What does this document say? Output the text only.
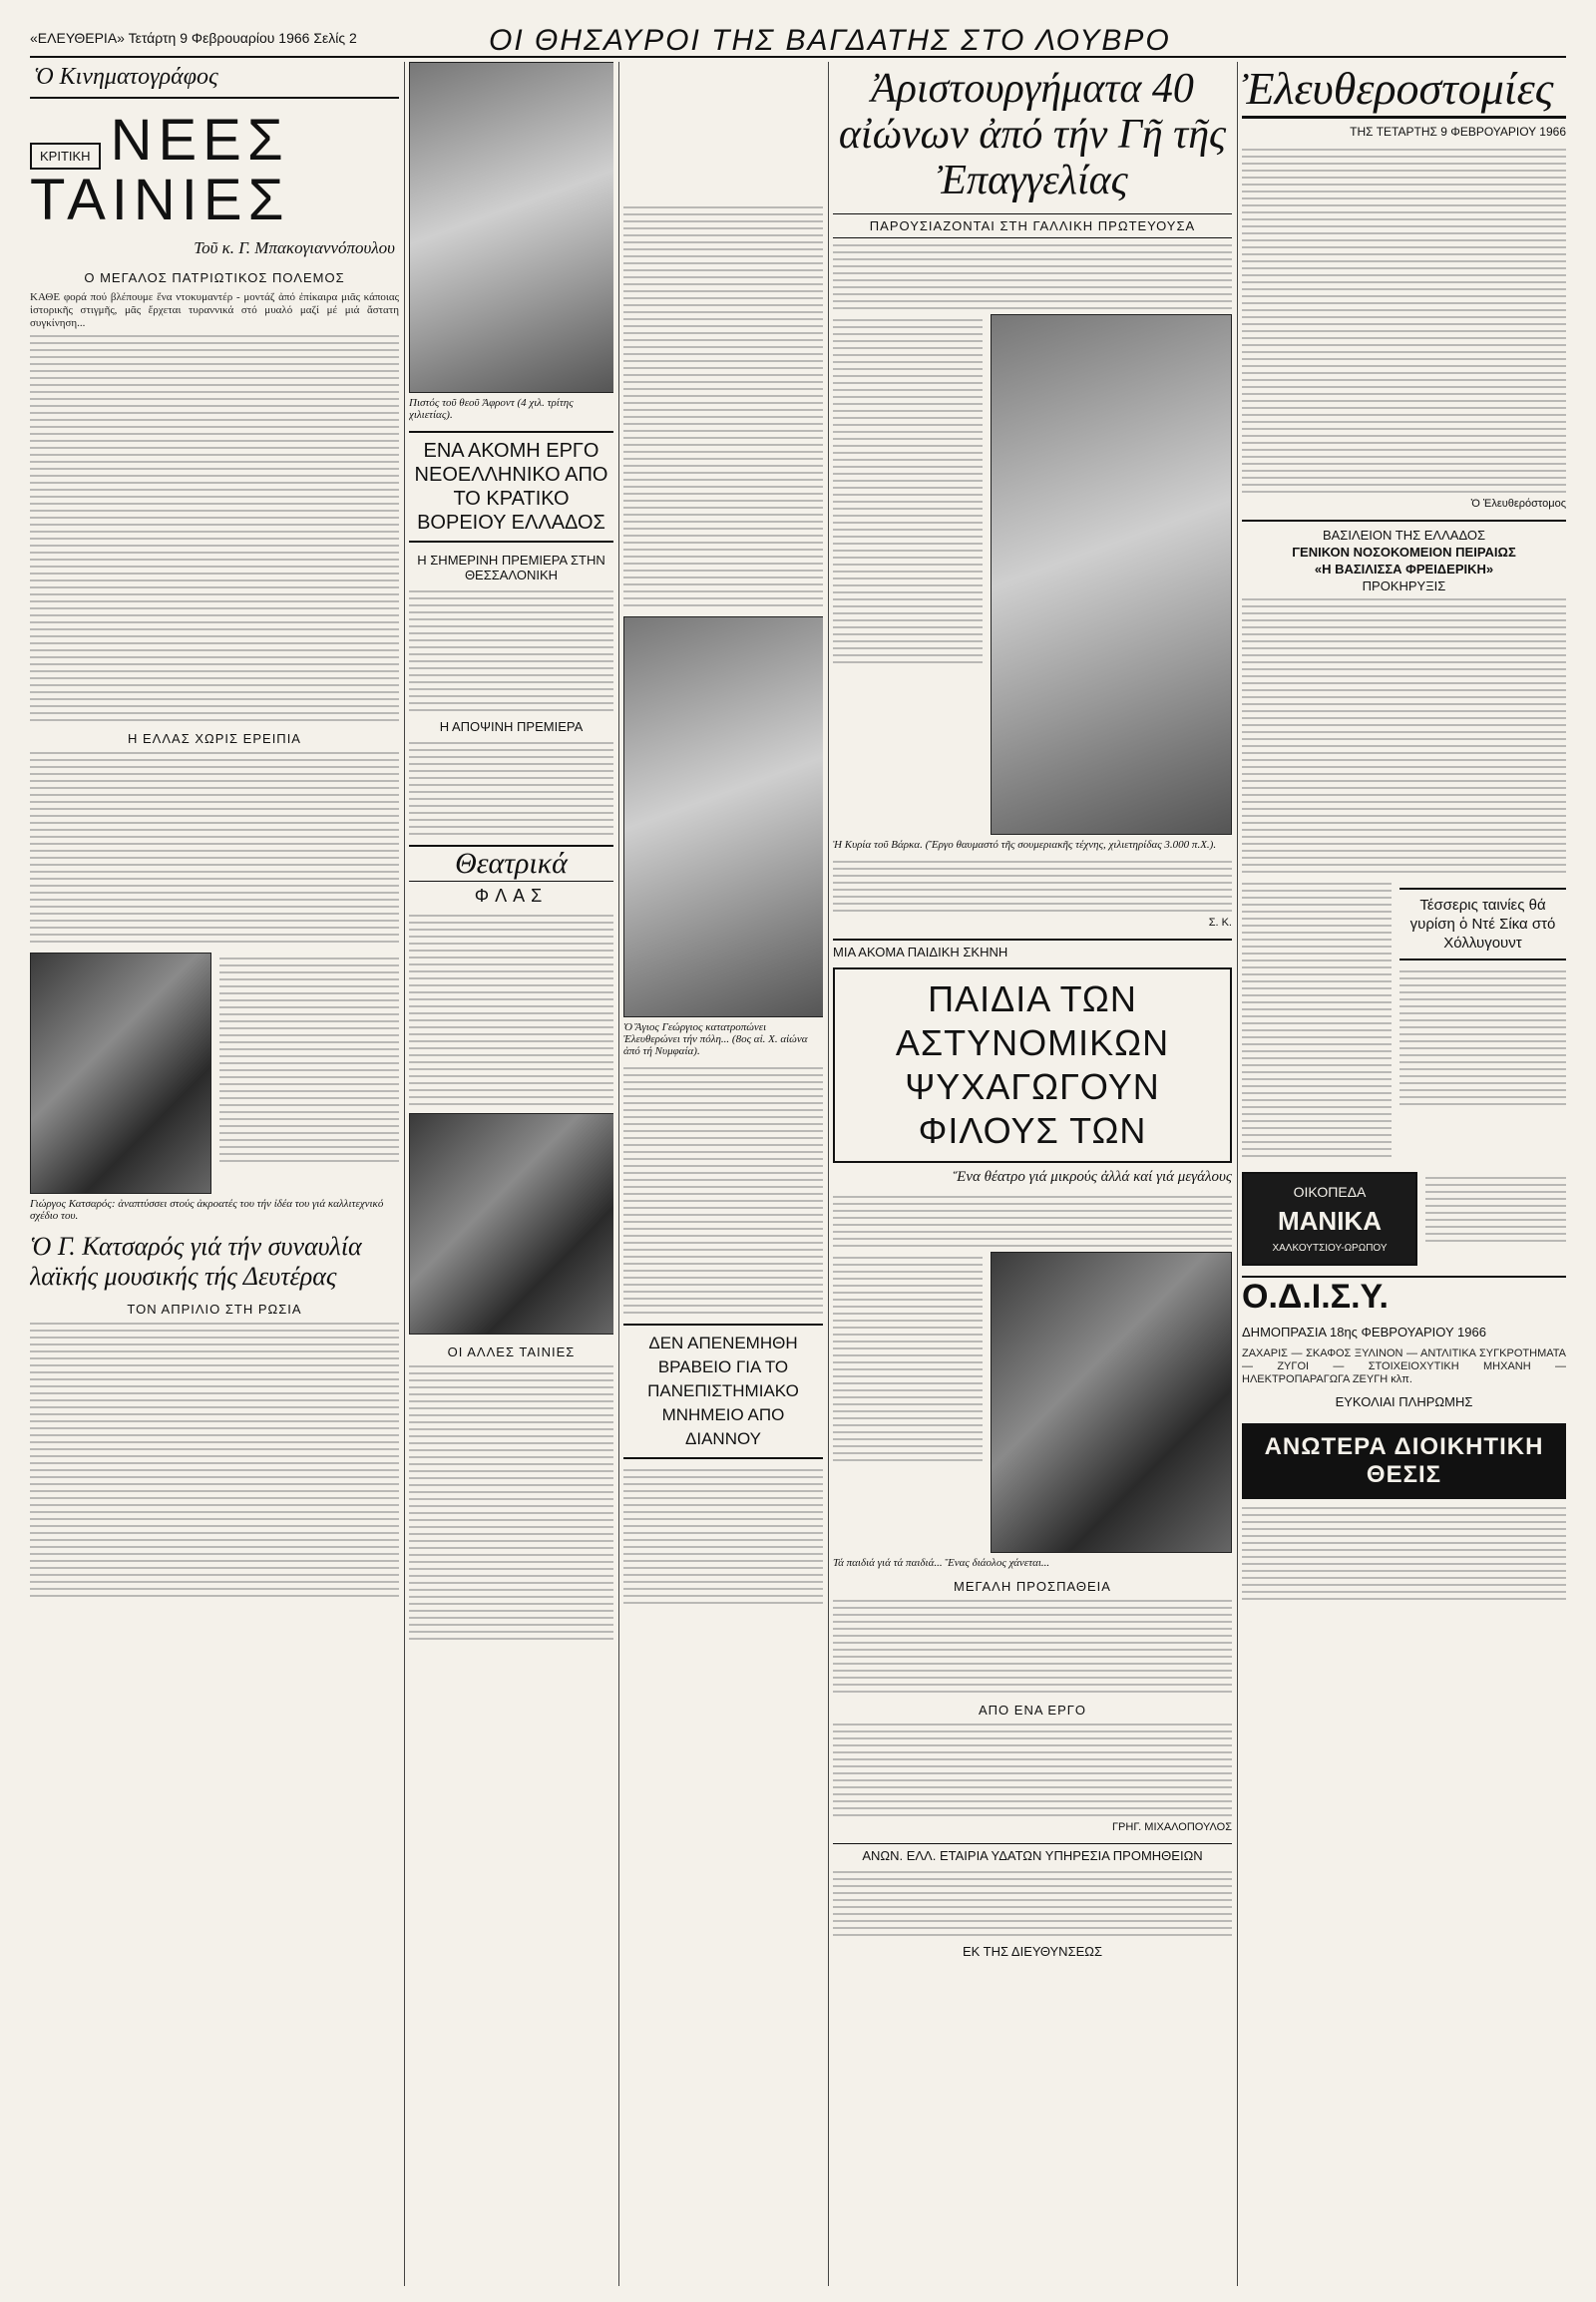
«ΕΛΕΥΘΕΡΙΑ» Τετάρτη 9 Φεβρουαρίου 1966 Σελίς 2	ΟΙ ΘΗΣΑΥΡΟΙ ΤΗΣ ΒΑΓΔΑΤΗΣ ΣΤΟ ΛΟΥΒΡΟ
Ὁ Κινηματογράφος
ΚΡΙΤΙΚΗ ΝΕΕΣ
ΤΑΙΝΙΕΣ
Τοῦ κ. Γ. Μπακογιαννόπουλου
Ο ΜΕΓΑΛΟΣ ΠΑΤΡΙΩΤΙΚΟΣ ΠΟΛΕΜΟΣ
ΚΑΘΕ φορά πού βλέπουμε ἕνα ντοκυμαντέρ - μοντάζ ἀπό ἐπίκαιρα μιᾶς κάποιας ἱστορικῆς στιγμῆς, μᾶς ἔρχεται τυραννικά στό μυαλό μαζί μέ μιά ἄστατη συγκίνηση...
Η ΕΛΛΑΣ ΧΩΡΙΣ ΕΡΕΙΠΙΑ
Γιώργος Κατσαρός: ἀναπτύσσει στούς ἀκροατές του τήν ἰδέα του γιά καλλιτεχνικό σχέδιο του.
Ὁ Γ. Κατσαρός γιά τήν συναυλία λαϊκής μουσικής τής Δευτέρας
ΤΟΝ ΑΠΡΙΛΙΟ ΣΤΗ ΡΩΣΙΑ
Πιστός τοῦ θεοῦ Ἀφροντ (4 χιλ. τρίτης χιλιετίας).
ΕΝΑ ΑΚΟΜΗ ΕΡΓΟ ΝΕΟΕΛΛΗΝΙΚΟ ΑΠΟ ΤΟ ΚΡΑΤΙΚΟ ΒΟΡΕΙΟΥ ΕΛΛΑΔΟΣ
Η ΣΗΜΕΡΙΝΗ ΠΡΕΜΙΕΡΑ ΣΤΗΝ ΘΕΣΣΑΛΟΝΙΚΗ
Η ΑΠΟΨΙΝΗ ΠΡΕΜΙΕΡΑ
Θεατρικά
ΦΛΑΣ
ΟΙ ΑΛΛΕΣ ΤΑΙΝΙΕΣ
Ὁ Ἅγιος Γεώργιος κατατροπώνει Ἐλευθερώνει τήν πόλη... (8ος αἰ. Χ. αἰώνα ἀπό τή Νυμφαία).
ΔΕΝ ΑΠΕΝΕΜΗΘΗ ΒΡΑΒΕΙΟ ΓΙΑ ΤΟ ΠΑΝΕΠΙΣΤΗΜΙΑΚΟ ΜΝΗΜΕΙΟ ΑΠΟ ΔΙΑΝΝΟΥ
Ἀριστουργήματα 40 αἰώνων ἀπό τήν Γῆ τῆς Ἐπαγγελίας
ΠΑΡΟΥΣΙΑΖΟΝΤΑΙ ΣΤΗ ΓΑΛΛΙΚΗ ΠΡΩΤΕΥΟΥΣΑ
Ἡ Κυρία τοῦ Βάρκα. (Ἔργο θαυμαστό τῆς σουμεριακῆς τέχνης, χιλιετηρίδας 3.000 π.Χ.).
Σ. Κ.
ΜΙΑ ΑΚΟΜΑ ΠΑΙΔΙΚΗ ΣΚΗΝΗ
ΠΑΙΔΙΑ ΤΩΝ ΑΣΤΥΝΟΜΙΚΩΝ ΨΥΧΑΓΩΓΟΥΝ ΦΙΛΟΥΣ ΤΩΝ
Ἕνα θέατρο γιά μικρούς ἀλλά καί γιά μεγάλους
Τά παιδιά γιά τά παιδιά... Ἕνας διάολος χάνεται...
ΜΕΓΑΛΗ ΠΡΟΣΠΑΘΕΙΑ
ΑΠΟ ΕΝΑ ΕΡΓΟ
ΓΡΗΓ. ΜΙΧΑΛΟΠΟΥΛΟΣ
ΑΝΩΝ. ΕΛΛ. ΕΤΑΙΡΙΑ ΥΔΑΤΩΝ ΥΠΗΡΕΣΙΑ ΠΡΟΜΗΘΕΙΩΝ
ΕΚ ΤΗΣ ΔΙΕΥΘΥΝΣΕΩΣ
Ἐλευθεροστομίες
ΤΗΣ ΤΕΤΑΡΤΗΣ 9 ΦΕΒΡΟΥΑΡΙΟΥ 1966
Ὁ Ἐλευθερόστομος
ΒΑΣΙΛΕΙΟΝ ΤΗΣ ΕΛΛΑΔΟΣ
ΓΕΝΙΚΟΝ ΝΟΣΟΚΟΜΕΙΟΝ ΠΕΙΡΑΙΩΣ
«Η ΒΑΣΙΛΙΣΣΑ ΦΡΕΙΔΕΡΙΚΗ»
ΠΡΟΚΗΡΥΞΙΣ
Τέσσερις ταινίες θά γυρίση ὁ Ντέ Σίκα στό Χόλλυγουντ
ΟΙΚΟΠΕΔΑ
ΜΑΝΙΚΑ
ΧΑΛΚΟΥΤΣΙΟΥ-ΩΡΩΠΟΥ
Ο.Δ.Ι.Σ.Υ.
ΔΗΜΟΠΡΑΣΙΑ 18ης ΦΕΒΡΟΥΑΡΙΟΥ 1966
ΖΑΧΑΡΙΣ — ΣΚΑΦΟΣ ΞΥΛΙΝΟΝ — ΑΝΤΛΙΤΙΚΑ ΣΥΓΚΡΟΤΗΜΑΤΑ — ΖΥΓΟΙ — ΣΤΟΙΧΕΙΟΧΥΤΙΚΗ ΜΗΧΑΝΗ — ΗΛΕΚΤΡΟΠΑΡΑΓΩΓΑ ΖΕΥΓΗ κλπ.
ΕΥΚΟΛΙΑΙ ΠΛΗΡΩΜΗΣ
ΑΝΩΤΕΡΑ ΔΙΟΙΚΗΤΙΚΗ ΘΕΣΙΣ
